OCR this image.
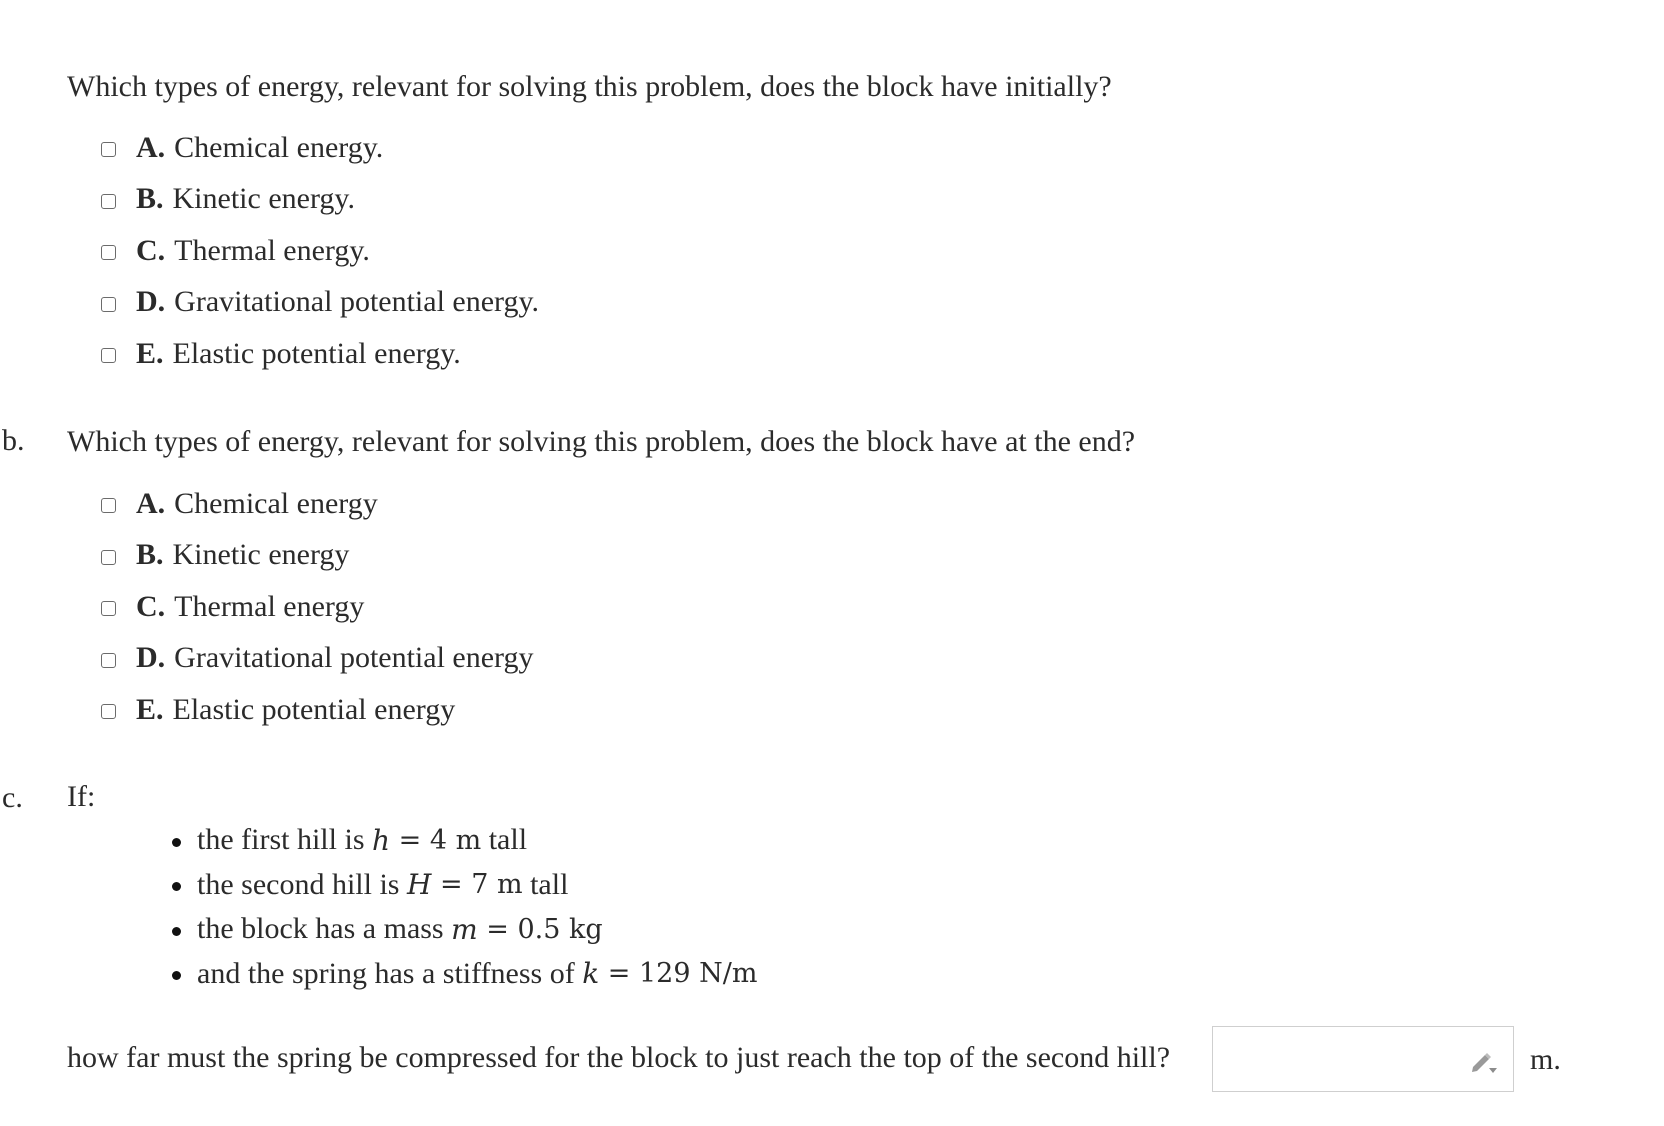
Which types of energy, relevant for solving this problem, does the block have initially?
A. Chemical energy.
B. Kinetic energy.
C. Thermal energy.
D. Gravitational potential energy.
E. Elastic potential energy.
b. Which types of energy, relevant for solving this problem, does the block have at the end?
A. Chemical energy
B. Kinetic energy
C. Thermal energy
D. Gravitational potential energy
E. Elastic potential energy
c. If:
the first hill is
h = 4 m tall
the second hill is
H = 7 m tall
the block has a mass
m = 0.5 kg
and the spring has a stiffness of
k = 129 N/m
how far must the spring be compressed for the block to just reach the top of the second hill?	m.
